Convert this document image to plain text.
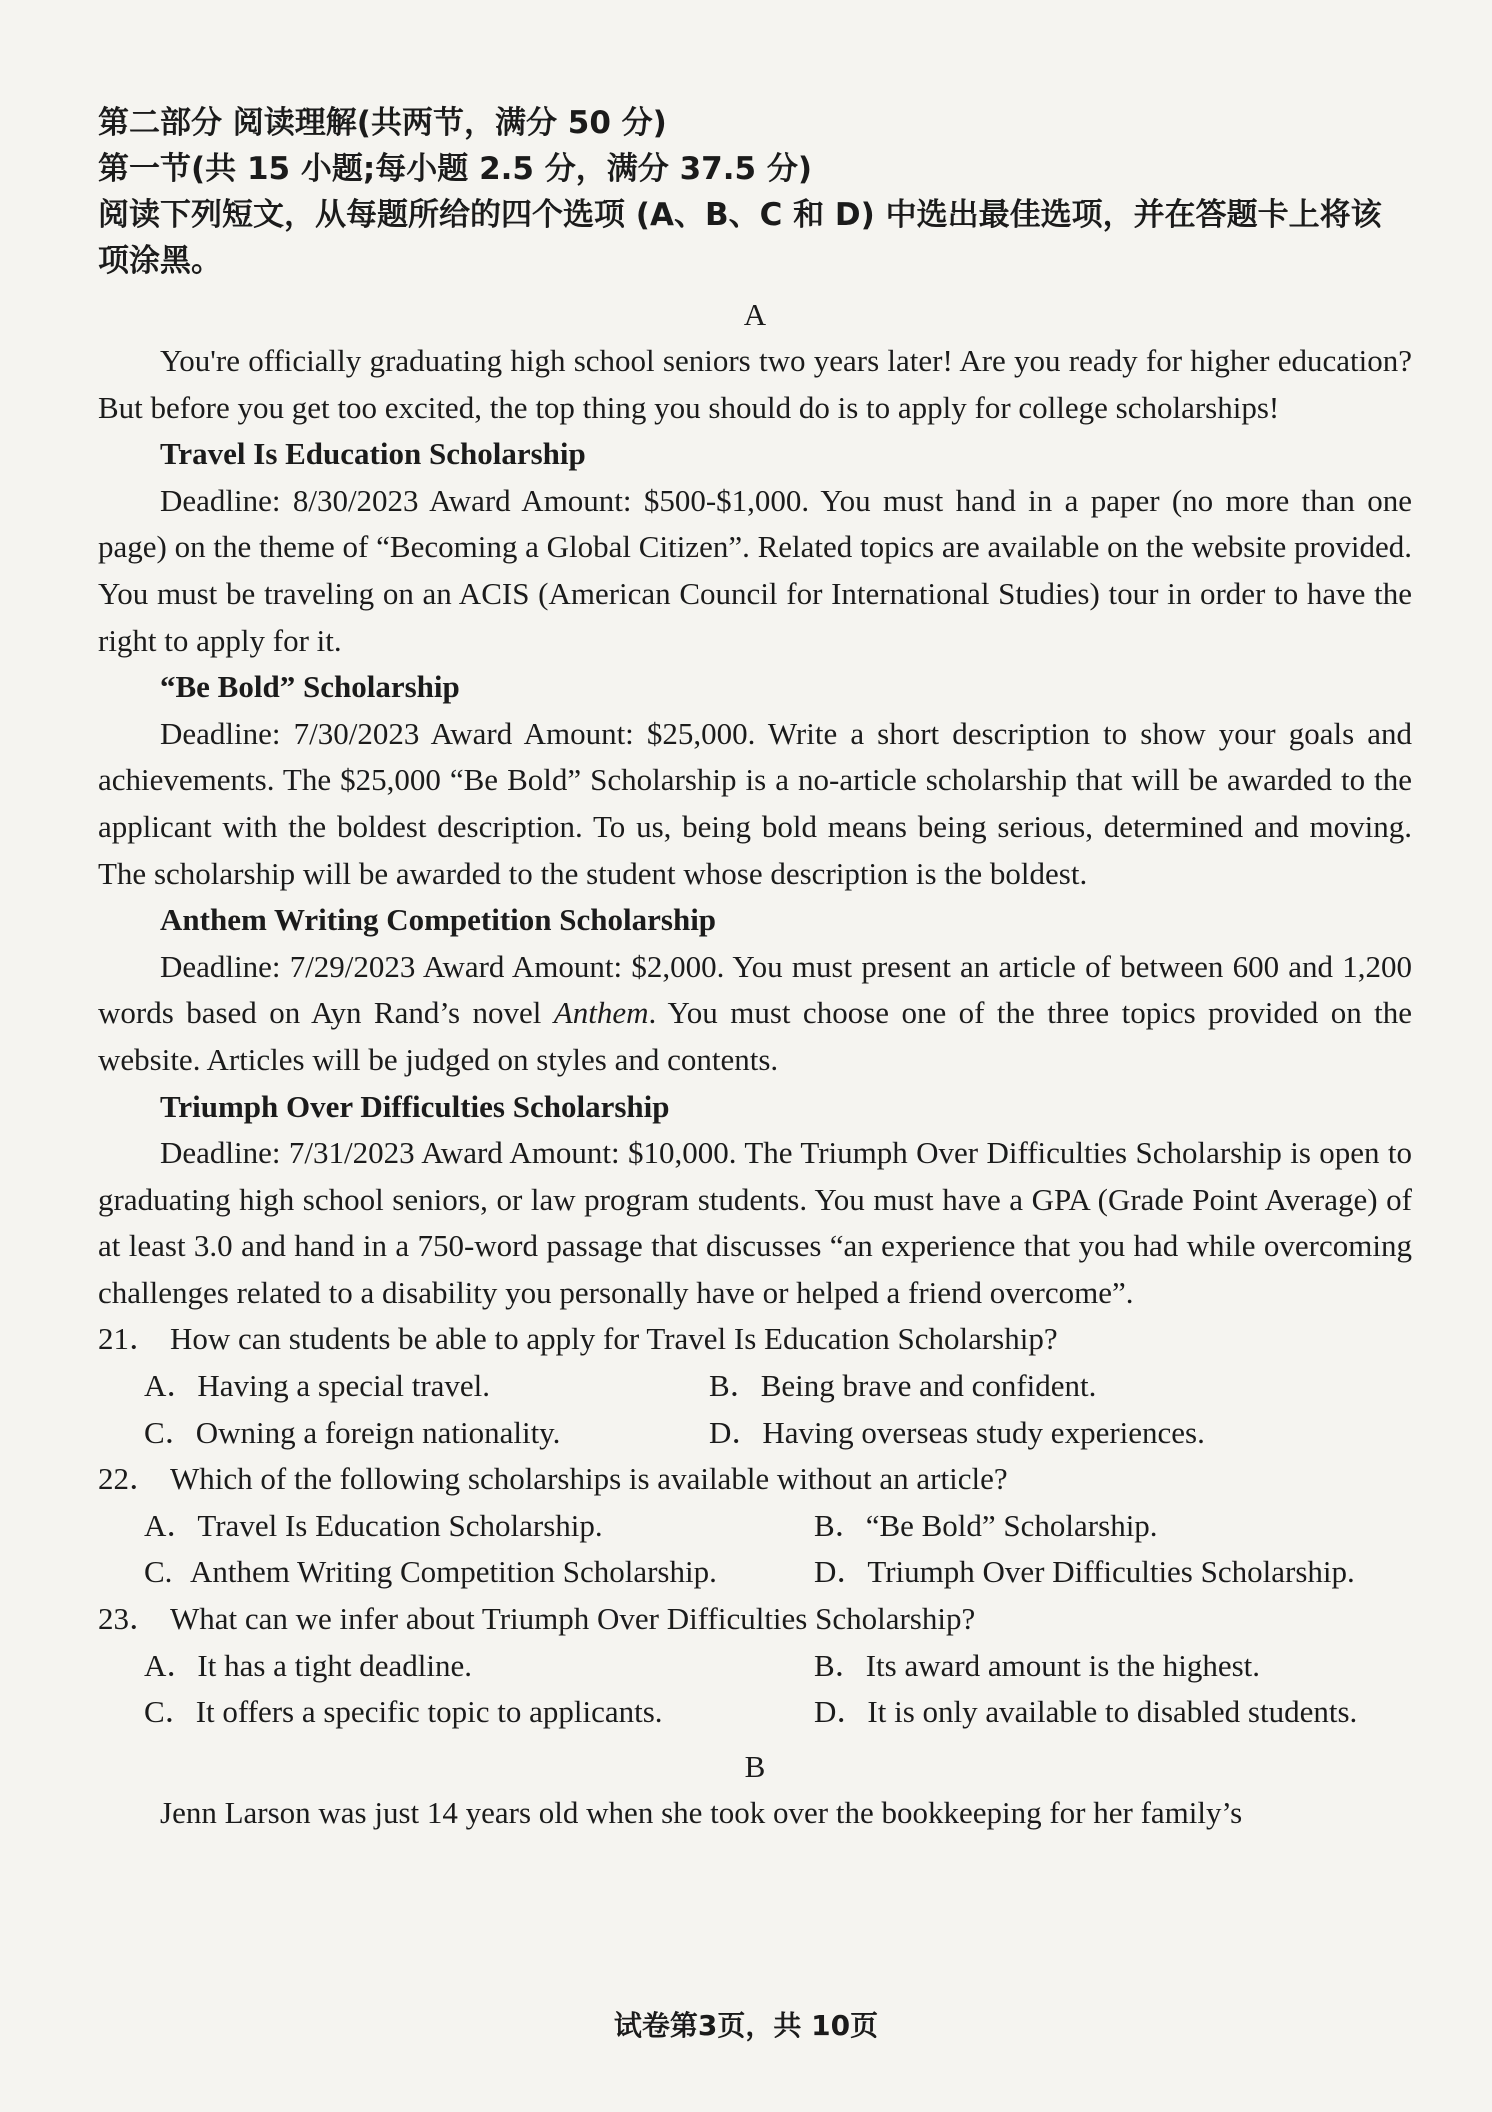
第二部分 阅读理解(共两节，满分 50 分)

第一节(共 15 小题;每小题 2.5 分，满分 37.5 分)

阅读下列短文，从每题所给的四个选项 (A、B、C 和 D) 中选出最佳选项，并在答题卡上将该项涂黑。

A

You're officially graduating high school seniors two years later! Are you ready for higher education? But before you get too excited, the top thing you should do is to apply for college scholarships!

Travel Is Education Scholarship

Deadline: 8/30/2023 Award Amount: $500-$1,000. You must hand in a paper (no more than one page) on the theme of “Becoming a Global Citizen”. Related topics are available on the website provided. You must be traveling on an ACIS (American Council for International Studies) tour in order to have the right to apply for it.

“Be Bold” Scholarship

Deadline: 7/30/2023 Award Amount: $25,000. Write a short description to show your goals and achievements. The $25,000 “Be Bold” Scholarship is a no-article scholarship that will be awarded to the applicant with the boldest description. To us, being bold means being serious, determined and moving. The scholarship will be awarded to the student whose description is the boldest.

Anthem Writing Competition Scholarship

Deadline: 7/29/2023 Award Amount: $2,000. You must present an article of between 600 and 1,200 words based on Ayn Rand’s novel Anthem. You must choose one of the three topics provided on the website. Articles will be judged on styles and contents.

Triumph Over Difficulties Scholarship

Deadline: 7/31/2023 Award Amount: $10,000. The Triumph Over Difficulties Scholarship is open to graduating high school seniors, or law program students. You must have a GPA (Grade Point Average) of at least 3.0 and hand in a 750-word passage that discusses “an experience that you had while overcoming challenges related to a disability you personally have or helped a friend overcome”.

21． How can students be able to apply for Travel Is Education Scholarship?

A．Having a special travel.	B．Being brave and confident.
C．Owning a foreign nationality.	D．Having overseas study experiences.

22． Which of the following scholarships is available without an article?

A．Travel Is Education Scholarship.	B．“Be Bold” Scholarship.
C. Anthem Writing Competition Scholarship.	D．Triumph Over Difficulties Scholarship.

23． What can we infer about Triumph Over Difficulties Scholarship?

A．It has a tight deadline.	B．Its award amount is the highest.
C．It offers a specific topic to applicants.	D．It is only available to disabled students.

B

Jenn Larson was just 14 years old when she took over the bookkeeping for her family’s

试卷第3页，共 10页
